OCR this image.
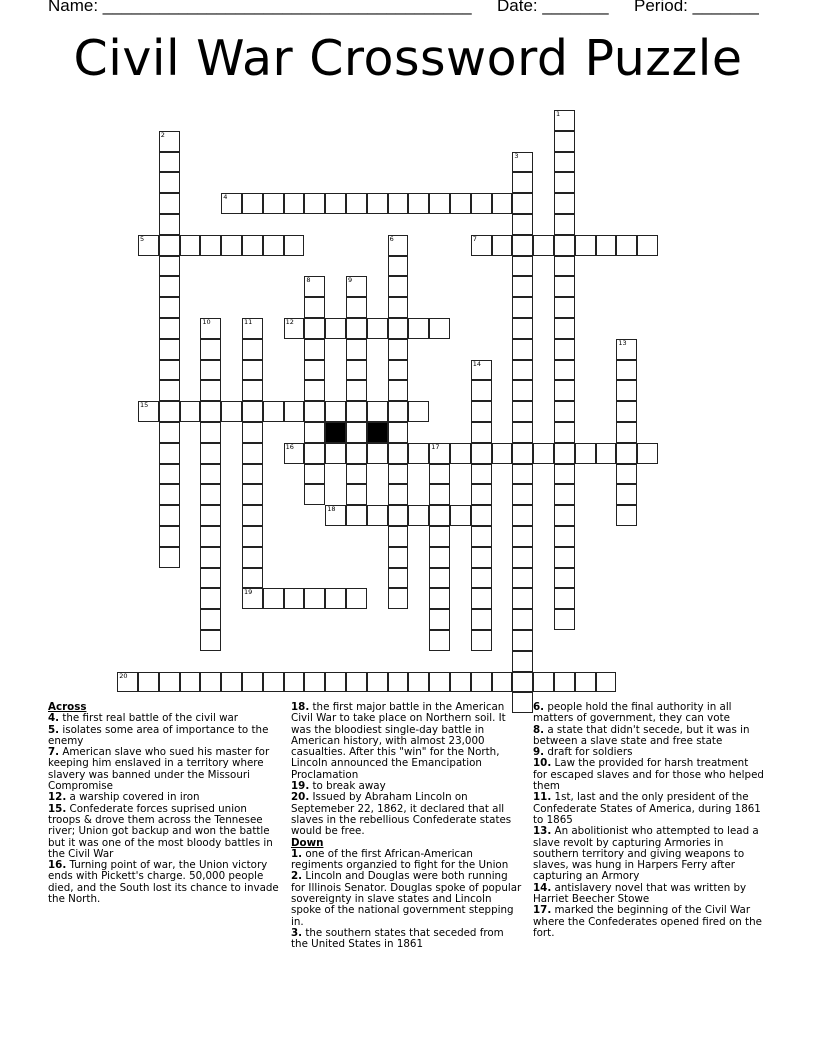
Name: _______________________________________ Date: _______ Period: _______
Civil War Crossword Puzzle
1
2
3
4
5	6	7
8	9
10	11	12
13
14
15
16	17
18
19
20
Across
4. the first real battle of the civil war
5. isolates some area of importance to the enemy
7. American slave who sued his master for keeping him enslaved in a territory where slavery was banned under the Missouri Compromise
12. a warship covered in iron
15. Confederate forces suprised union troops & drove them across the Tennesee river; Union got backup and won the battle but it was one of the most bloody battles in the Civil War
16. Turning point of war, the Union victory ends with Pickett's charge. 50,000 people died, and the South lost its chance to invade the North.
18. the first major battle in the American Civil War to take place on Northern soil. It was the bloodiest single-day battle in American history, with almost 23,000 casualties. After this "win" for the North, Lincoln announced the Emancipation Proclamation
19. to break away
20. Issued by Abraham Lincoln on Septemeber 22, 1862, it declared that all slaves in the rebellious Confederate states would be free.
Down
1. one of the first African-American regiments organzied to fight for the Union
2. Lincoln and Douglas were both running for Illinois Senator. Douglas spoke of popular sovereignty in slave states and Lincoln spoke of the national government stepping in.
3. the southern states that seceded from the United States in 1861
6. people hold the final authority in all matters of government, they can vote
8. a state that didn't secede, but it was in between a slave state and free state
9. draft for soldiers
10. Law the provided for harsh treatment for escaped slaves and for those who helped them
11. 1st, last and the only president of the Confederate States of America, during 1861 to 1865
13. An abolitionist who attempted to lead a slave revolt by capturing Armories in southern territory and giving weapons to slaves, was hung in Harpers Ferry after capturing an Armory
14. antislavery novel that was written by Harriet Beecher Stowe
17. marked the beginning of the Civil War where the Confederates opened fired on the fort.
